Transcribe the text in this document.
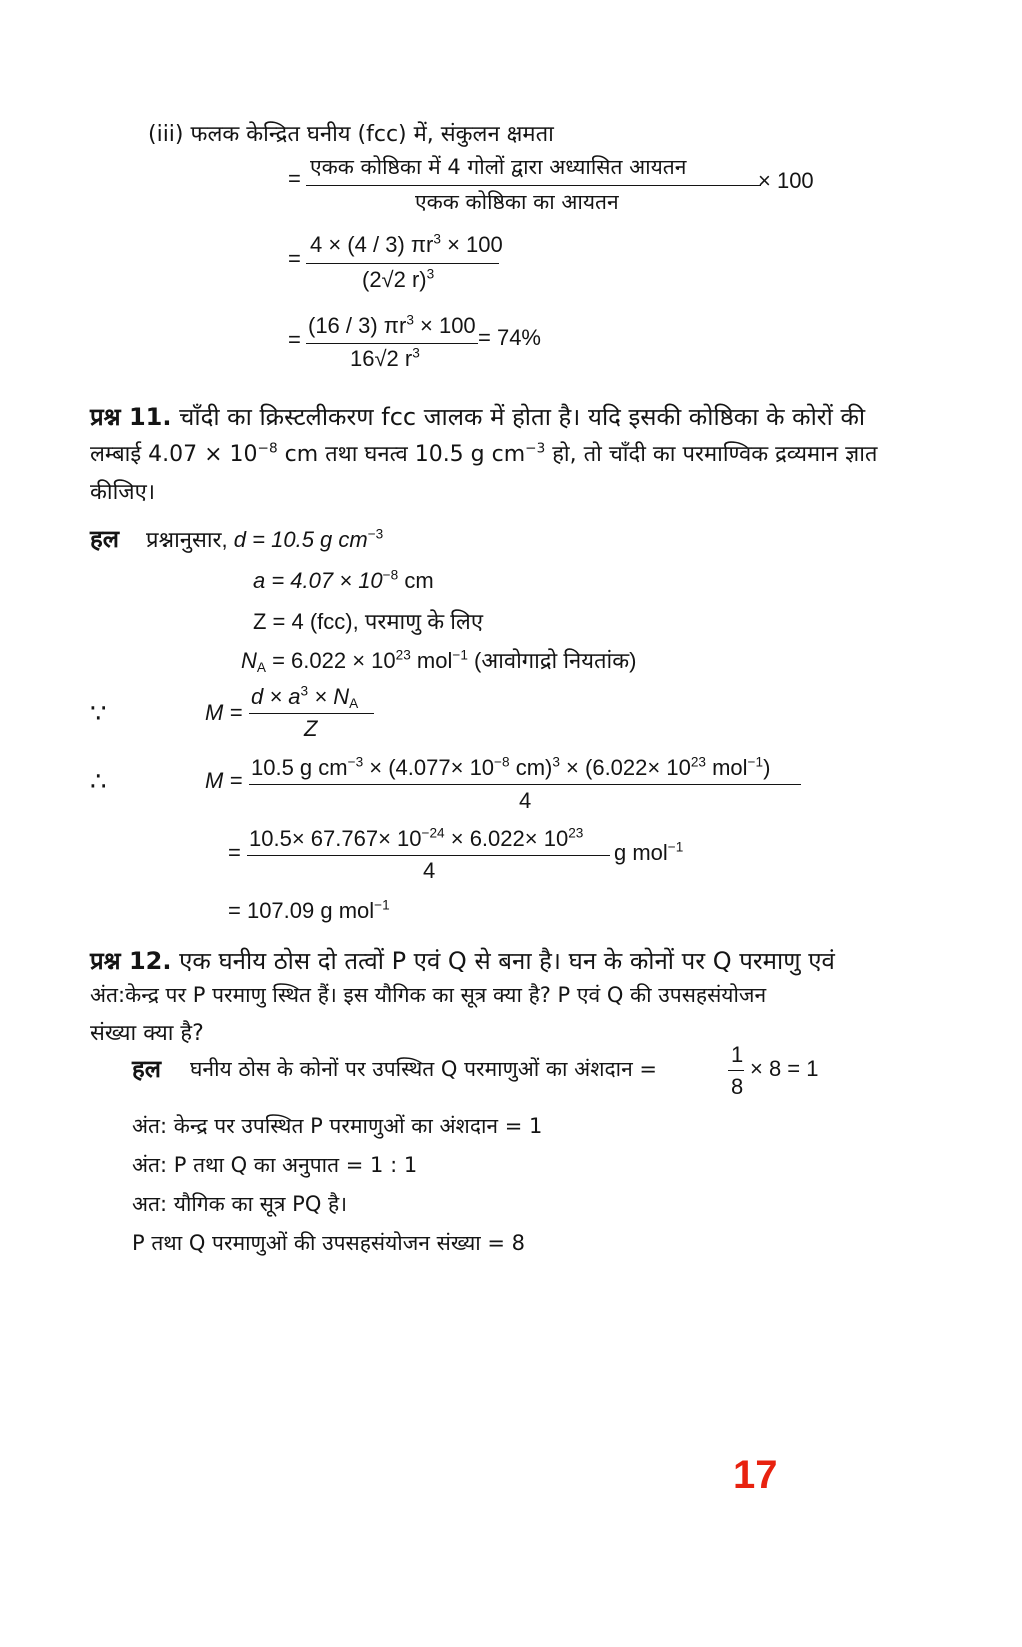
(iii) फलक केन्द्रित घनीय (fcc) में, संकुलन क्षमता
= एकक कोष्ठिका में 4 गोलों द्वारा अध्यासित आयतन
एकक कोष्ठिका का आयतन
× 100
=
4 × (4 / 3) $\pi r^3 \times 100$
(2√2 r)$^3$
=
(16 / 3) $\pi r^3 \times 100$
16√2 $r^3$
= 74%
प्रश्न 11. चाँदी का क्रिस्टलीकरण fcc जालक में होता है। यदि इसकी कोष्ठिका के कोरों की
लम्बाई $4.07 \times 10^{-8}$ cm तथा घनत्व 10.5 g $cm^{-3}$ हो, तो चाँदी का परमाण्विक द्रव्यमान ज्ञात
कीजिए।
हल प्रश्नानुसार, d = 10.5 g $cm^{-3}$
$a = 4.07 \times 10^{-8}$ cm
Z = 4 (fcc), परमाणु के लिए
$N_A = 6.022 \times 10^{23}$ mol$^{-1}$ (आवोगाद्रो नियतांक)
∵	M =
$d \times a^3 \times N_A$
Z
∴	M =
10.5 g $cm^{-3} \times (4.077\times 10^{-8}$ $cm)^3 \times (6.022\times 10^{23}$ mol$^{-1}$)
4
=
$10.5\times 67.767\times 10^{-24} \times 6.022\times 10^{23}$
4
g mol$^{-1}$
= 107.09 g mol$^{-1}$
प्रश्न 12. एक घनीय ठोस दो तत्वों P एवं Q से बना है। घन के कोनों पर Q परमाणु एवं
अंत:केन्द्र पर P परमाणु स्थित हैं। इस यौगिक का सूत्र क्या है? P एवं Q की उपसहसंयोजन
संख्या क्या है?
हल घनीय ठोस के कोनों पर उपस्थित Q परमाणुओं का अंशदान =
1
8
× 8 = 1
अंत: केन्द्र पर उपस्थित P परमाणुओं का अंशदान = 1
अंत: P तथा Q का अनुपात = 1 : 1
अत: यौगिक का सूत्र PQ है।
P तथा Q परमाणुओं की उपसहसंयोजन संख्या = 8
17
